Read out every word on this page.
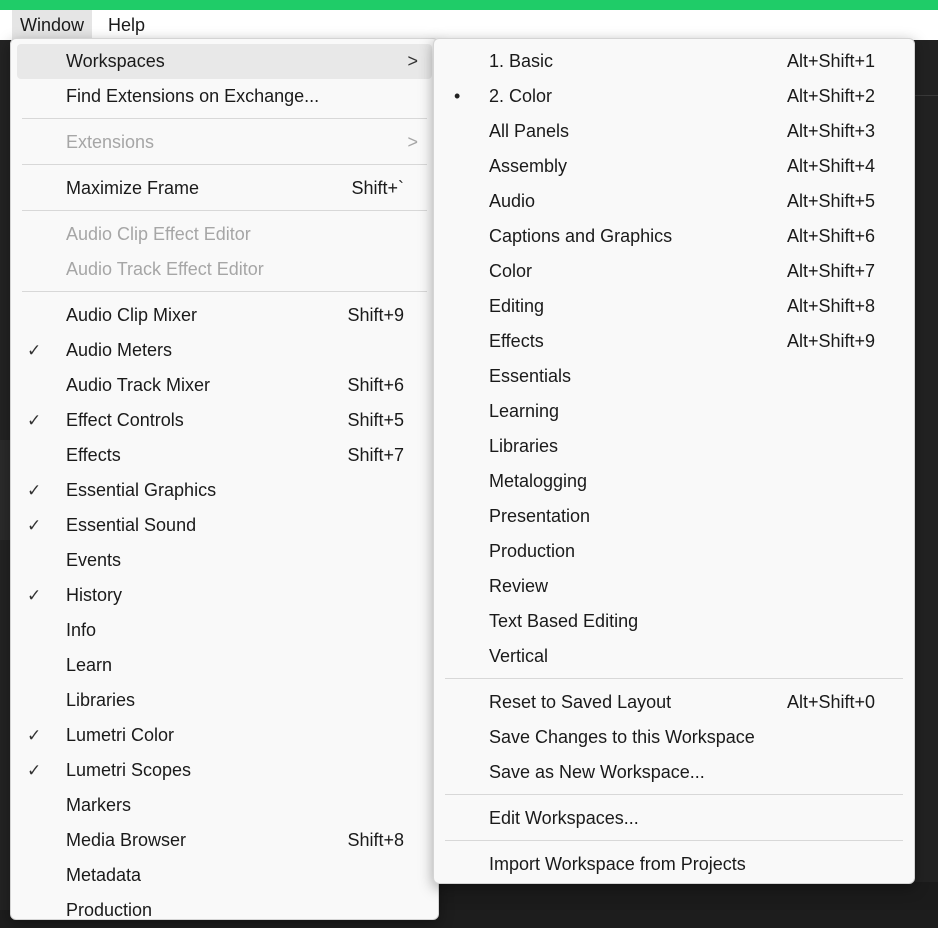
Window	Help
Workspaces	>
Find Extensions on Exchange...
Extensions	>
Maximize Frame	Shift+`
Audio Clip Effect Editor
Audio Track Effect Editor
Audio Clip Mixer	Shift+9
✓ Audio Meters
Audio Track Mixer	Shift+6
✓ Effect Controls	Shift+5
Effects	Shift+7
✓ Essential Graphics
✓ Essential Sound
Events
✓ History
Info
Learn
Libraries
✓ Lumetri Color
✓ Lumetri Scopes
Markers
Media Browser	Shift+8
Metadata
Production
1. Basic	Alt+Shift+1
• 2. Color	Alt+Shift+2
All Panels	Alt+Shift+3
Assembly	Alt+Shift+4
Audio	Alt+Shift+5
Captions and Graphics	Alt+Shift+6
Color	Alt+Shift+7
Editing	Alt+Shift+8
Effects	Alt+Shift+9
Essentials
Learning
Libraries
Metalogging
Presentation
Production
Review
Text Based Editing
Vertical
Reset to Saved Layout	Alt+Shift+0
Save Changes to this Workspace
Save as New Workspace...
Edit Workspaces...
Import Workspace from Projects
